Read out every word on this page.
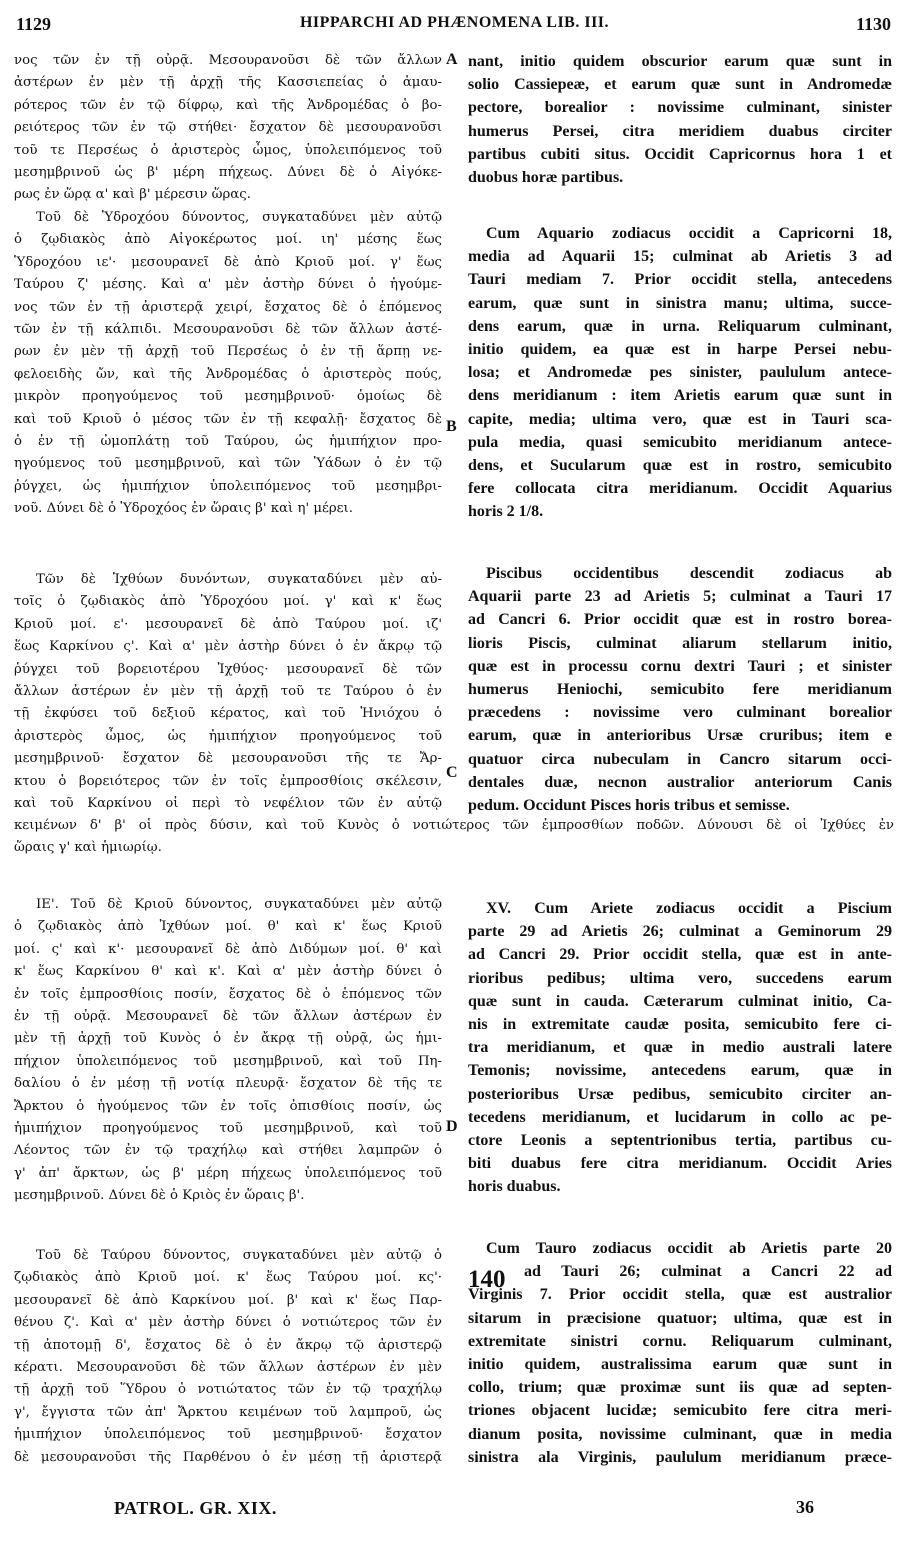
1129	HIPPARCHI AD PHÆNOMENA LIB. III.	1130
νος τῶν ἐν τῇ οὐρᾷ. Μεσουρανοῦσι δὲ τῶν ἄλλων
ἀστέρων ἐν μὲν τῇ ἀρχῇ τῆς Κασσιεπείας ὁ ἀμαυ-
ρότερος τῶν ἐν τῷ δίφρῳ, καὶ τῆς Ἀνδρομέδας ὁ βο-
ρειότερος τῶν ἐν τῷ στήθει· ἔσχατον δὲ μεσουρανοῦσι
τοῦ τε Περσέως ὁ ἀριστερὸς ὦμος, ὑπολειπόμενος τοῦ
μεσημβρινοῦ ὡς β' μέρη πήχεως. Δύνει δὲ ὁ Αἰγόκε-
ρως ἐν ὥρᾳ α' καὶ β' μέρεσιν ὥρας.
Τοῦ δὲ Ὑδροχόου δύνοντος, συγκαταδύνει μὲν αὐτῷ
ὁ ζῳδιακὸς ἀπὸ Αἰγοκέρωτος μοί. ιη' μέσης ἕως
Ὑδροχόου ιε'· μεσουρανεῖ δὲ ἀπὸ Κριοῦ μοί. γ' ἕως
Ταύρου ζ' μέσης. Καὶ α' μὲν ἀστὴρ δύνει ὁ ἡγούμε-
νος τῶν ἐν τῇ ἀριστερᾷ χειρί, ἔσχατος δὲ ὁ ἑπόμενος
τῶν ἐν τῇ κάλπιδι. Μεσουρανοῦσι δὲ τῶν ἄλλων ἀστέ-
ρων ἐν μὲν τῇ ἀρχῇ τοῦ Περσέως ὁ ἐν τῇ ἅρπῃ νε-
φελοειδὴς ὤν, καὶ τῆς Ἀνδρομέδας ὁ ἀριστερὸς πούς,
μικρὸν προηγούμενος τοῦ μεσημβρινοῦ· ὁμοίως δὲ
καὶ τοῦ Κριοῦ ὁ μέσος τῶν ἐν τῇ κεφαλῇ· ἔσχατος δὲ
ὁ ἐν τῇ ὠμοπλάτῃ τοῦ Ταύρου, ὡς ἡμιπήχιον προ-
ηγούμενος τοῦ μεσημβρινοῦ, καὶ τῶν Ὑάδων ὁ ἐν τῷ
ῥύγχει, ὡς ἡμιπήχιον ὑπολειπόμενος τοῦ μεσημβρι-
νοῦ. Δύνει δὲ ὁ Ὑδροχόος ἐν ὥραις β' καὶ η' μέρει.
Τῶν δὲ Ἰχθύων δυνόντων, συγκαταδύνει μὲν αὐ-
τοῖς ὁ ζῳδιακὸς ἀπὸ Ὑδροχόου μοί. γ' καὶ κ' ἕως
Κριοῦ μοί. ε'· μεσουρανεῖ δὲ ἀπὸ Ταύρου μοί. ιζ'
ἕως Καρκίνου ς'. Καὶ α' μὲν ἀστὴρ δύνει ὁ ἐν ἄκρῳ τῷ
ῥύγχει τοῦ βορειοτέρου Ἰχθύος· μεσουρανεῖ δὲ τῶν
ἄλλων ἀστέρων ἐν μὲν τῇ ἀρχῇ τοῦ τε Ταύρου ὁ ἐν
τῇ ἐκφύσει τοῦ δεξιοῦ κέρατος, καὶ τοῦ Ἡνιόχου ὁ
ἀριστερὸς ὦμος, ὡς ἡμιπήχιον προηγούμενος τοῦ
μεσημβρινοῦ· ἔσχατον δὲ μεσουρανοῦσι τῆς τε Ἄρ-
κτου ὁ βορειότερος τῶν ἐν τοῖς ἐμπροσθίοις σκέλεσιν,
καὶ τοῦ Καρκίνου οἱ περὶ τὸ νεφέλιον τῶν ἐν αὐτῷ
κειμένων δ' β' οἱ πρὸς δύσιν, καὶ τοῦ Κυνὸς ὁ νοτιώτερος τῶν ἐμπροσθίων ποδῶν. Δύνουσι δὲ οἱ Ἰχθύες ἐν
ὥραις γ' καὶ ἡμιωρίῳ.
ΙΕ'. Τοῦ δὲ Κριοῦ δύνοντος, συγκαταδύνει μὲν αὐτῷ
ὁ ζῳδιακὸς ἀπὸ Ἰχθύων μοί. θ' καὶ κ' ἕως Κριοῦ
μοί. ς' καὶ κ'· μεσουρανεῖ δὲ ἀπὸ Διδύμων μοί. θ' καὶ
κ' ἕως Καρκίνου θ' καὶ κ'. Καὶ α' μὲν ἀστὴρ δύνει ὁ
ἐν τοῖς ἐμπροσθίοις ποσίν, ἔσχατος δὲ ὁ ἑπόμενος τῶν
ἐν τῇ οὐρᾷ. Μεσουρανεῖ δὲ τῶν ἄλλων ἀστέρων ἐν
μὲν τῇ ἀρχῇ τοῦ Κυνὸς ὁ ἐν ἄκρᾳ τῇ οὐρᾷ, ὡς ἡμι-
πήχιον ὑπολειπόμενος τοῦ μεσημβρινοῦ, καὶ τοῦ Πη-
δαλίου ὁ ἐν μέσῃ τῇ νοτίᾳ πλευρᾷ· ἔσχατον δὲ τῆς τε
Ἄρκτου ὁ ἡγούμενος τῶν ἐν τοῖς ὀπισθίοις ποσίν, ὡς
ἡμιπήχιον προηγούμενος τοῦ μεσημβρινοῦ, καὶ τοῦ
Λέοντος τῶν ἐν τῷ τραχήλῳ καὶ στήθει λαμπρῶν ὁ
γ' ἀπ' ἄρκτων, ὡς β' μέρη πήχεως ὑπολειπόμενος τοῦ
μεσημβρινοῦ. Δύνει δὲ ὁ Κριὸς ἐν ὥραις β'.
Τοῦ δὲ Ταύρου δύνοντος, συγκαταδύνει μὲν αὐτῷ ὁ
ζῳδιακὸς ἀπὸ Κριοῦ μοί. κ' ἕως Ταύρου μοί. κς'·
μεσουρανεῖ δὲ ἀπὸ Καρκίνου μοί. β' καὶ κ' ἕως Παρ-
θένου ζ'. Καὶ α' μὲν ἀστὴρ δύνει ὁ νοτιώτερος τῶν ἐν
τῇ ἀποτομῇ δ', ἔσχατος δὲ ὁ ἐν ἄκρῳ τῷ ἀριστερῷ
κέρατι. Μεσουρανοῦσι δὲ τῶν ἄλλων ἀστέρων ἐν μὲν
τῇ ἀρχῇ τοῦ Ὕδρου ὁ νοτιώτατος τῶν ἐν τῷ τραχήλῳ
γ', ἔγγιστα τῶν ἀπ' Ἄρκτου κειμένων τοῦ λαμπροῦ, ὡς
ἡμιπήχιον ὑπολειπόμενος τοῦ μεσημβρινοῦ· ἔσχατον
δὲ μεσουρανοῦσι τῆς Παρθένου ὁ ἐν μέσῃ τῇ ἀριστερᾷ
A
B
C
D
nant, initio quidem obscurior earum quæ sunt in
solio Cassiepeæ, et earum quæ sunt in Andromedæ
pectore, borealior : novissime culminant, sinister
humerus Persei, citra meridiem duabus circiter
partibus cubiti situs. Occidit Capricornus hora 1 et
duobus horæ partibus.
Cum Aquario zodiacus occidit a Capricorni 18,
media ad Aquarii 15; culminat ab Arietis 3 ad
Tauri mediam 7. Prior occidit stella, antecedens
earum, quæ sunt in sinistra manu; ultima, succe-
dens earum, quæ in urna. Reliquarum culminant,
initio quidem, ea quæ est in harpe Persei nebu-
losa; et Andromedæ pes sinister, paululum antece-
dens meridianum : item Arietis earum quæ sunt in
capite, media; ultima vero, quæ est in Tauri sca-
pula media, quasi semicubito meridianum antece-
dens, et Sucularum quæ est in rostro, semicubito
fere collocata citra meridianum. Occidit Aquarius
horis 2 1/8.
Piscibus occidentibus descendit zodiacus ab
Aquarii parte 23 ad Arietis 5; culminat a Tauri 17
ad Cancri 6. Prior occidit quæ est in rostro boreа-
lioris Piscis, culminat aliarum stellarum initio,
quæ est in processu cornu dextri Tauri ; et sinister
humerus Heniochi, semicubito fere meridianum
præcedens : novissime vero culminant borealior
earum, quæ in anterioribus Ursæ cruribus; item e
quatuor circa nubeculam in Cancro sitarum occi-
dentales duæ, necnon australior anteriorum Canis
pedum. Occidunt Pisces horis tribus et semisse.
XV. Cum Ariete zodiacus occidit a Piscium
parte 29 ad Arietis 26; culminat a Geminorum 29
ad Cancri 29. Prior occidit stella, quæ est in ante-
rioribus pedibus; ultima vero, succedens earum
quæ sunt in cauda. Cæterarum culminat initio, Ca-
nis in extremitate caudæ posita, semicubito fere ci-
tra meridianum, et quæ in medio australi latere
Temonis; novissime, antecedens earum, quæ in
posterioribus Ursæ pedibus, semicubito circiter an-
tecedens meridianum, et lucidarum in collo ac pe-
ctore Leonis a septentrionibus tertia, partibus cu-
biti duabus fere citra meridianum. Occidit Aries
horis duabus.
140
Cum Tauro zodiacus occidit ab Arietis parte 20
ad Tauri 26; culminat a Cancri 22 ad
Virginis 7. Prior occidit stella, quæ est australior
sitarum in præcisione quatuor; ultima, quæ est in
extremitate sinistri cornu. Reliquarum culminant,
initio quidem, australissima earum quæ sunt in
collo, trium; quæ proximæ sunt iis quæ ad septen-
triones objacent lucidæ; semicubito fere citra meri-
dianum posita, novissime culminant, quæ in media
sinistra ala Virginis, paululum meridianum præce-
PATROL. GR. XIX.	36
